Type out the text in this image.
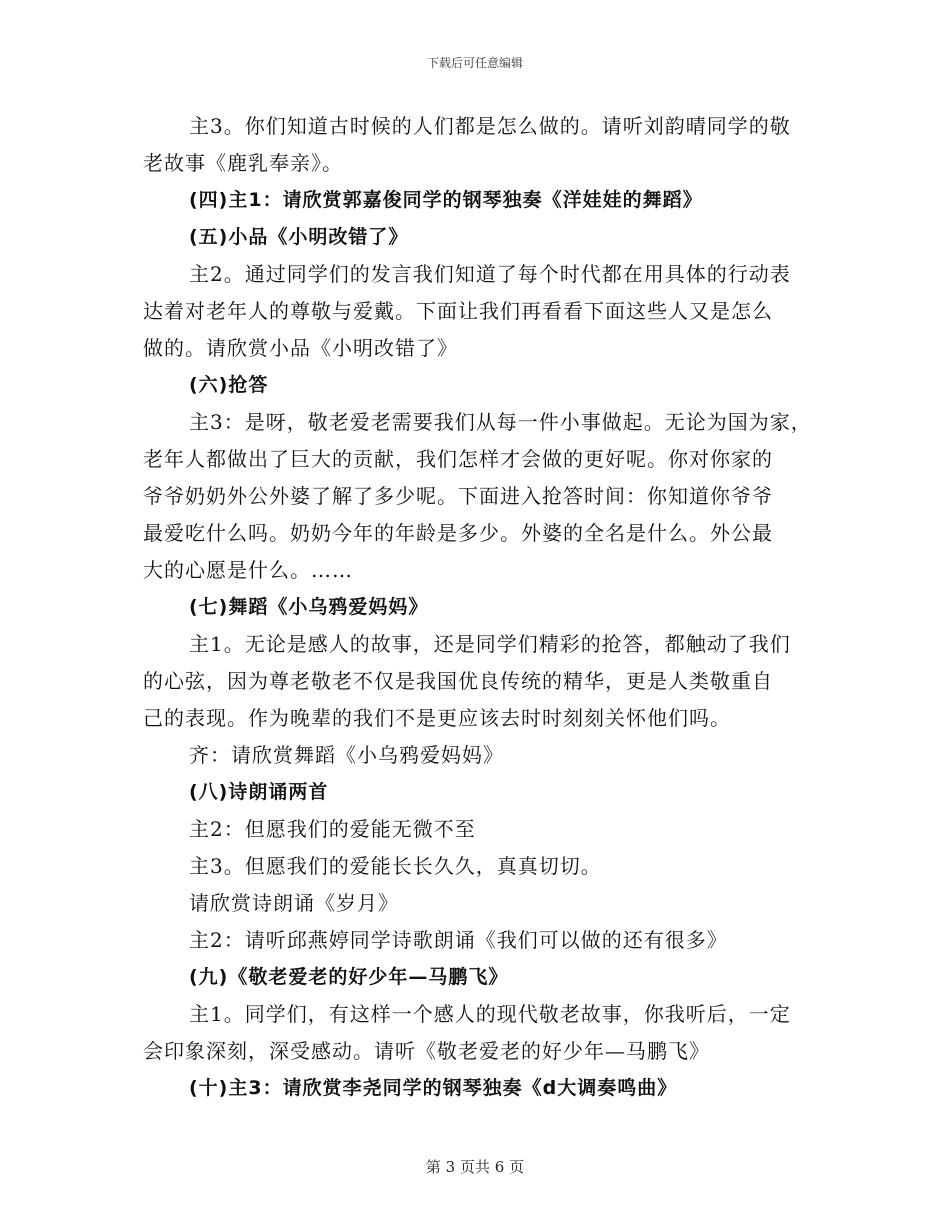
下载后可任意编辑
主3。你们知道古时候的人们都是怎么做的。请听刘韵晴同学的敬
老故事《鹿乳奉亲》。
(四)主1：请欣赏郭嘉俊同学的钢琴独奏《洋娃娃的舞蹈》
(五)小品《小明改错了》
主2。通过同学们的发言我们知道了每个时代都在用具体的行动表
达着对老年人的尊敬与爱戴。下面让我们再看看下面这些人又是怎么
做的。请欣赏小品《小明改错了》
(六)抢答
主3：是呀，敬老爱老需要我们从每一件小事做起。无论为国为家，
老年人都做出了巨大的贡献，我们怎样才会做的更好呢。你对你家的
爷爷奶奶外公外婆了解了多少呢。下面进入抢答时间：你知道你爷爷
最爱吃什么吗。奶奶今年的年龄是多少。外婆的全名是什么。外公最
大的心愿是什么。……
(七)舞蹈《小乌鸦爱妈妈》
主1。无论是感人的故事，还是同学们精彩的抢答，都触动了我们
的心弦，因为尊老敬老不仅是我国优良传统的精华，更是人类敬重自
己的表现。作为晚辈的我们不是更应该去时时刻刻关怀他们吗。
齐：请欣赏舞蹈《小乌鸦爱妈妈》
(八)诗朗诵两首
主2：但愿我们的爱能无微不至
主3。但愿我们的爱能长长久久，真真切切。
请欣赏诗朗诵《岁月》
主2：请听邱燕婷同学诗歌朗诵《我们可以做的还有很多》
(九)《敬老爱老的好少年—马鹏飞》
主1。同学们，有这样一个感人的现代敬老故事，你我听后，一定
会印象深刻，深受感动。请听《敬老爱老的好少年—马鹏飞》
(十)主3：请欣赏李尧同学的钢琴独奏《d大调奏鸣曲》
第 3 页共 6 页
